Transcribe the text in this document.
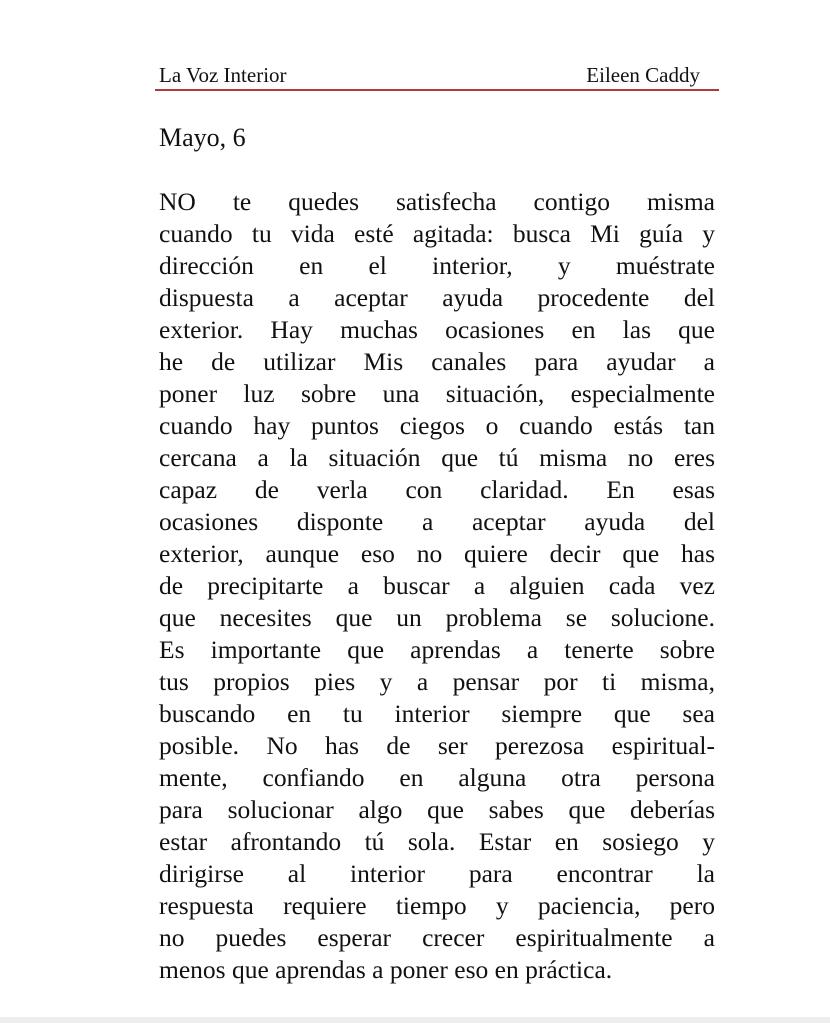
La Voz Interior	Eileen Caddy
Mayo, 6
NO te quedes satisfecha contigo misma
cuando tu vida esté agitada: busca Mi guía y
dirección en el interior, y muéstrate
dispuesta a aceptar ayuda procedente del
exterior. Hay muchas ocasiones en las que
he de utilizar Mis canales para ayudar a
poner luz sobre una situación, especialmente
cuando hay puntos ciegos o cuando estás tan
cercana a la situación que tú misma no eres
capaz de verla con claridad. En esas
ocasiones disponte a aceptar ayuda del
exterior, aunque eso no quiere decir que has
de precipitarte a buscar a alguien cada vez
que necesites que un problema se solucione.
Es importante que aprendas a tenerte sobre
tus propios pies y a pensar por ti misma,
buscando en tu interior siempre que sea
posible. No has de ser perezosa espiritual-
mente, confiando en alguna otra persona
para solucionar algo que sabes que deberías
estar afrontando tú sola. Estar en sosiego y
dirigirse al interior para encontrar la
respuesta requiere tiempo y paciencia, pero
no puedes esperar crecer espiritualmente a
menos que aprendas a poner eso en práctica.
